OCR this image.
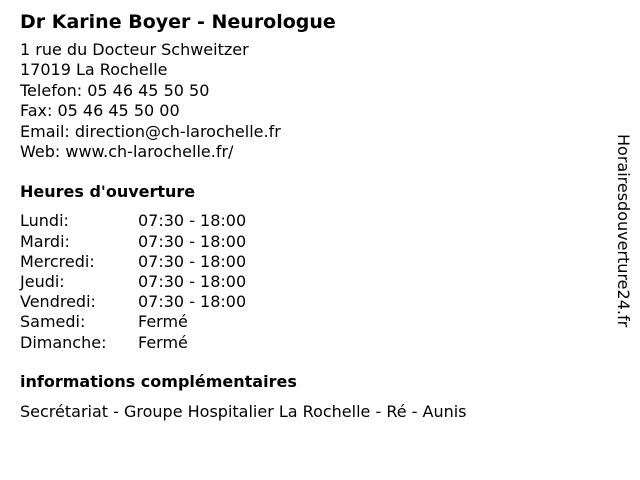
Dr Karine Boyer - Neurologue
1 rue du Docteur Schweitzer
17019 La Rochelle
Telefon: 05 46 45 50 50
Fax: 05 46 45 50 00
Email: direction@ch-larochelle.fr
Web: www.ch-larochelle.fr/
Heures d'ouverture
Lundi:	07:30 - 18:00
Mardi:	07:30 - 18:00
Mercredi:	07:30 - 18:00
Jeudi:	07:30 - 18:00
Vendredi:	07:30 - 18:00
Samedi:	Fermé
Dimanche:	Fermé
informations complémentaires
Secrétariat - Groupe Hospitalier La Rochelle - Ré - Aunis
Horairesdouverture24.fr
